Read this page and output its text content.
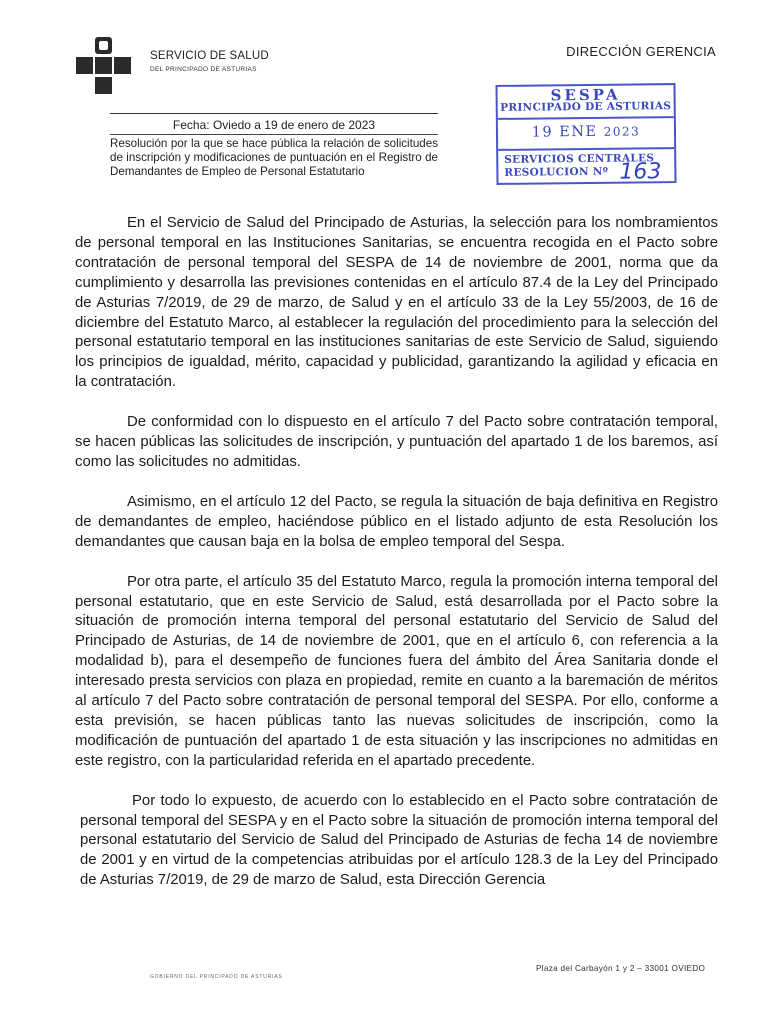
SERVICIO DE SALUD
DEL PRINCIPADO DE ASTURIAS
DIRECCIÓN GERENCIA
Fecha: Oviedo a 19 de enero de 2023
Resolución por la que se hace pública la relación de solicitudes de inscripción y modificaciones de puntuación en el Registro de Demandantes de Empleo de Personal Estatutario
SESPA
PRINCIPADO DE ASTURIAS
19 ENE 2023
SERVICIOS CENTRALES
RESOLUCION Nº 163

En el Servicio de Salud del Principado de Asturias, la selección para los nombramientos de personal temporal en las Instituciones Sanitarias, se encuentra recogida en el Pacto sobre contratación de personal temporal del SESPA de 14 de noviembre de 2001, norma que da cumplimiento y desarrolla las previsiones contenidas en el artículo 87.4 de la Ley del Principado de Asturias 7/2019, de 29 de marzo, de Salud y en el artículo 33 de la Ley 55/2003, de 16 de diciembre del Estatuto Marco, al establecer la regulación del procedimiento para la selección del personal estatutario temporal en las instituciones sanitarias de este Servicio de Salud, siguiendo los principios de igualdad, mérito, capacidad y publicidad, garantizando la agilidad y eficacia en la contratación.

De conformidad con lo dispuesto en el artículo 7 del Pacto sobre contratación temporal, se hacen públicas las solicitudes de inscripción, y puntuación del apartado 1 de los baremos, así como las solicitudes no admitidas.

Asimismo, en el artículo 12 del Pacto, se regula la situación de baja definitiva en Registro de demandantes de empleo, haciéndose público en el listado adjunto de esta Resolución los demandantes que causan baja en la bolsa de empleo temporal del Sespa.

Por otra parte, el artículo 35 del Estatuto Marco, regula la promoción interna temporal del personal estatutario, que en este Servicio de Salud, está desarrollada por el Pacto sobre la situación de promoción interna temporal del personal estatutario del Servicio de Salud del Principado de Asturias, de 14 de noviembre de 2001, que en el artículo 6, con referencia a la modalidad b), para el desempeño de funciones fuera del ámbito del Área Sanitaria donde el interesado presta servicios con plaza en propiedad, remite en cuanto a la baremación de méritos al artículo 7 del Pacto sobre contratación de personal temporal del SESPA. Por ello, conforme a esta previsión, se hacen públicas tanto las nuevas solicitudes de inscripción, como la modificación de puntuación del apartado 1 de esta situación y las inscripciones no admitidas en este registro, con la particularidad referida en el apartado precedente.

Por todo lo expuesto, de acuerdo con lo establecido en el Pacto sobre contratación de personal temporal del SESPA y en el Pacto sobre la situación de promoción interna temporal del personal estatutario del Servicio de Salud del Principado de Asturias de fecha 14 de noviembre de 2001 y en virtud de la competencias atribuidas por el artículo 128.3 de la Ley del Principado de Asturias 7/2019, de 29 de marzo de Salud, esta Dirección Gerencia

GOBIERNO DEL PRINCIPADO DE ASTURIAS
Plaza del Carbayón 1 y 2 – 33001 OVIEDO
